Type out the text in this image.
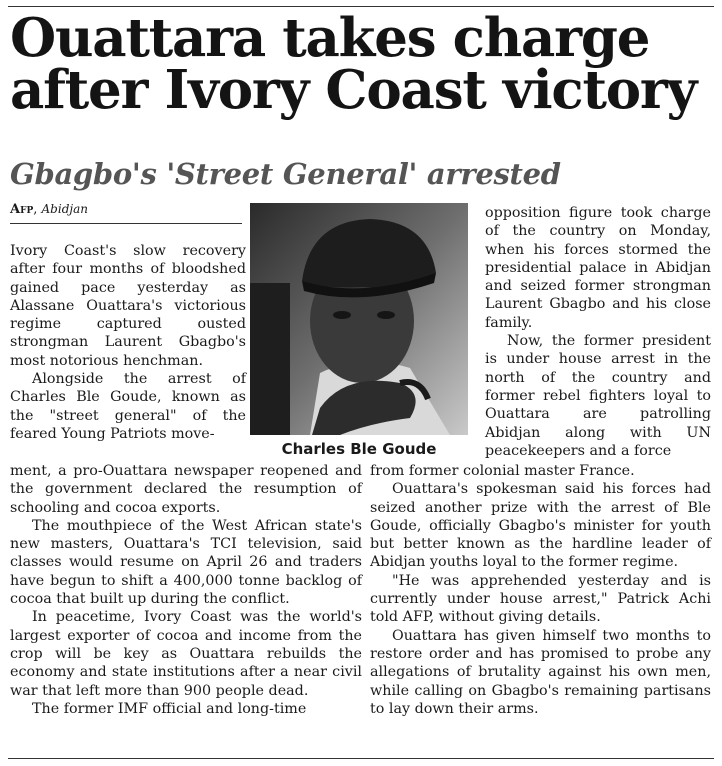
Ouattara takes charge after Ivory Coast victory
Gbagbo's 'Street General' arrested
Afp, Abidjan

Ivory Coast's slow recovery after four months of bloodshed gained pace yesterday as Alassane Ouattara's victorious regime captured ousted strongman Laurent Gbagbo's most notorious henchman.

Alongside the arrest of Charles Ble Goude, known as the "street general" of the feared Young Patriots move-

ment, a pro-Ouattara newspaper reopened and the government declared the resumption of schooling and cocoa exports.

The mouthpiece of the West African state's new masters, Ouattara's TCI television, said classes would resume on April 26 and traders have begun to shift a 400,000 tonne backlog of cocoa that built up during the conflict.

In peacetime, Ivory Coast was the world's largest exporter of cocoa and income from the crop will be key as Ouattara rebuilds the economy and state institutions after a near civil war that left more than 900 people dead.

The former IMF official and long-time

Charles Ble Goude

opposition figure took charge of the country on Monday, when his forces stormed the presidential palace in Abidjan and seized former strongman Laurent Gbagbo and his close family.

Now, the former president is under house arrest in the north of the country and former rebel fighters loyal to Ouattara are patrolling Abidjan along with UN peacekeepers and a force

from former colonial master France.

Ouattara's spokesman said his forces had seized another prize with the arrest of Ble Goude, officially Gbagbo's minister for youth but better known as the hardline leader of Abidjan youths loyal to the former regime.

"He was apprehended yesterday and is currently under house arrest," Patrick Achi told AFP, without giving details.

Ouattara has given himself two months to restore order and has promised to probe any allegations of brutality against his own men, while calling on Gbagbo's remaining partisans to lay down their arms.
